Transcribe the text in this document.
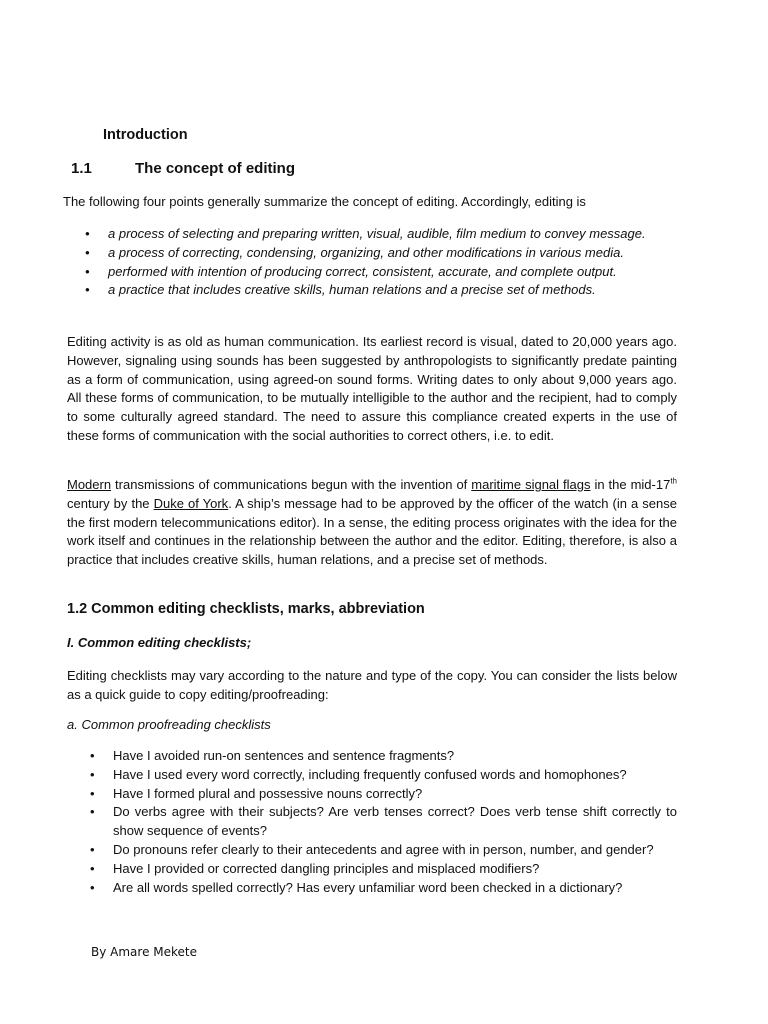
Introduction

1.1	The concept of editing

The following four points generally summarize the concept of editing. Accordingly, editing is

• a process of selecting and preparing written, visual, audible, film medium to convey message.
• a process of correcting, condensing, organizing, and other modifications in various media.
• performed with intention of producing correct, consistent, accurate, and complete output.
• a practice that includes creative skills, human relations and a precise set of methods.

Editing activity is as old as human communication. Its earliest record is visual, dated to 20,000 years ago. However, signaling using sounds has been suggested by anthropologists to significantly predate painting as a form of communication, using agreed-on sound forms. Writing dates to only about 9,000 years ago. All these forms of communication, to be mutually intelligible to the author and the recipient, had to comply to some culturally agreed standard. The need to assure this compliance created experts in the use of these forms of communication with the social authorities to correct others, i.e. to edit.

Modern transmissions of communications begun with the invention of maritime signal flags in the mid-17th century by the Duke of York. A ship’s message had to be approved by the officer of the watch (in a sense the first modern telecommunications editor). In a sense, the editing process originates with the idea for the work itself and continues in the relationship between the author and the editor. Editing, therefore, is also a practice that includes creative skills, human relations, and a precise set of methods.

1.2 Common editing checklists, marks, abbreviation

I. Common editing checklists;

Editing checklists may vary according to the nature and type of the copy. You can consider the lists below as a quick guide to copy editing/proofreading:

a. Common proofreading checklists

• Have I avoided run-on sentences and sentence fragments?
• Have I used every word correctly, including frequently confused words and homophones?
• Have I formed plural and possessive nouns correctly?
• Do verbs agree with their subjects? Are verb tenses correct? Does verb tense shift correctly to show sequence of events?
• Do pronouns refer clearly to their antecedents and agree with in person, number, and gender?
• Have I provided or corrected dangling principles and misplaced modifiers?
• Are all words spelled correctly? Has every unfamiliar word been checked in a dictionary?

By Amare Mekete
